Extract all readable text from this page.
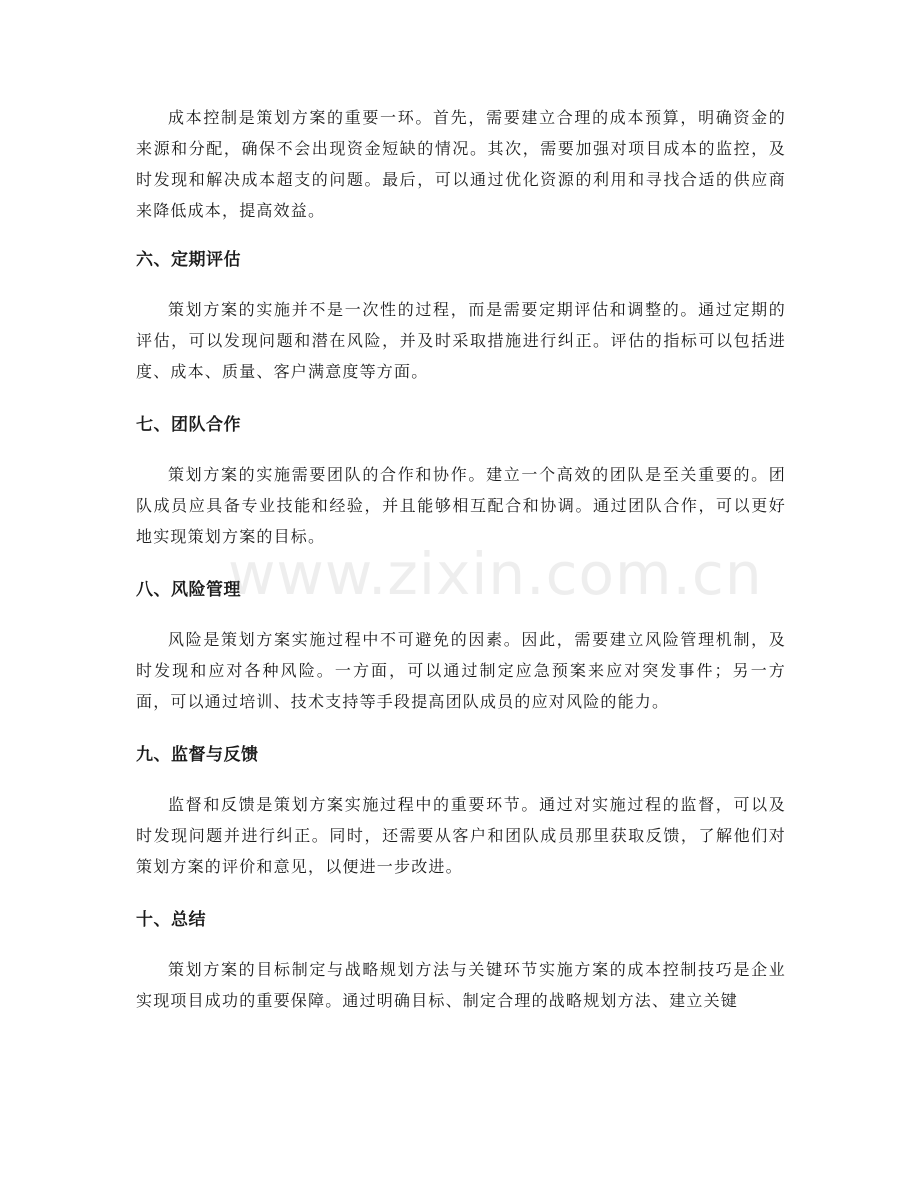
成本控制是策划方案的重要一环。首先，需要建立合理的成本预算，明确资金的来源和分配，确保不会出现资金短缺的情况。其次，需要加强对项目成本的监控，及时发现和解决成本超支的问题。最后，可以通过优化资源的利用和寻找合适的供应商来降低成本，提高效益。

六、定期评估

策划方案的实施并不是一次性的过程，而是需要定期评估和调整的。通过定期的评估，可以发现问题和潜在风险，并及时采取措施进行纠正。评估的指标可以包括进度、成本、质量、客户满意度等方面。

七、团队合作

策划方案的实施需要团队的合作和协作。建立一个高效的团队是至关重要的。团队成员应具备专业技能和经验，并且能够相互配合和协调。通过团队合作，可以更好地实现策划方案的目标。

八、风险管理

风险是策划方案实施过程中不可避免的因素。因此，需要建立风险管理机制，及时发现和应对各种风险。一方面，可以通过制定应急预案来应对突发事件；另一方面，可以通过培训、技术支持等手段提高团队成员的应对风险的能力。

九、监督与反馈

监督和反馈是策划方案实施过程中的重要环节。通过对实施过程的监督，可以及时发现问题并进行纠正。同时，还需要从客户和团队成员那里获取反馈，了解他们对策划方案的评价和意见，以便进一步改进。

十、总结

策划方案的目标制定与战略规划方法与关键环节实施方案的成本控制技巧是企业实现项目成功的重要保障。通过明确目标、制定合理的战略规划方法、建立关键

www.zixin.com.cn
